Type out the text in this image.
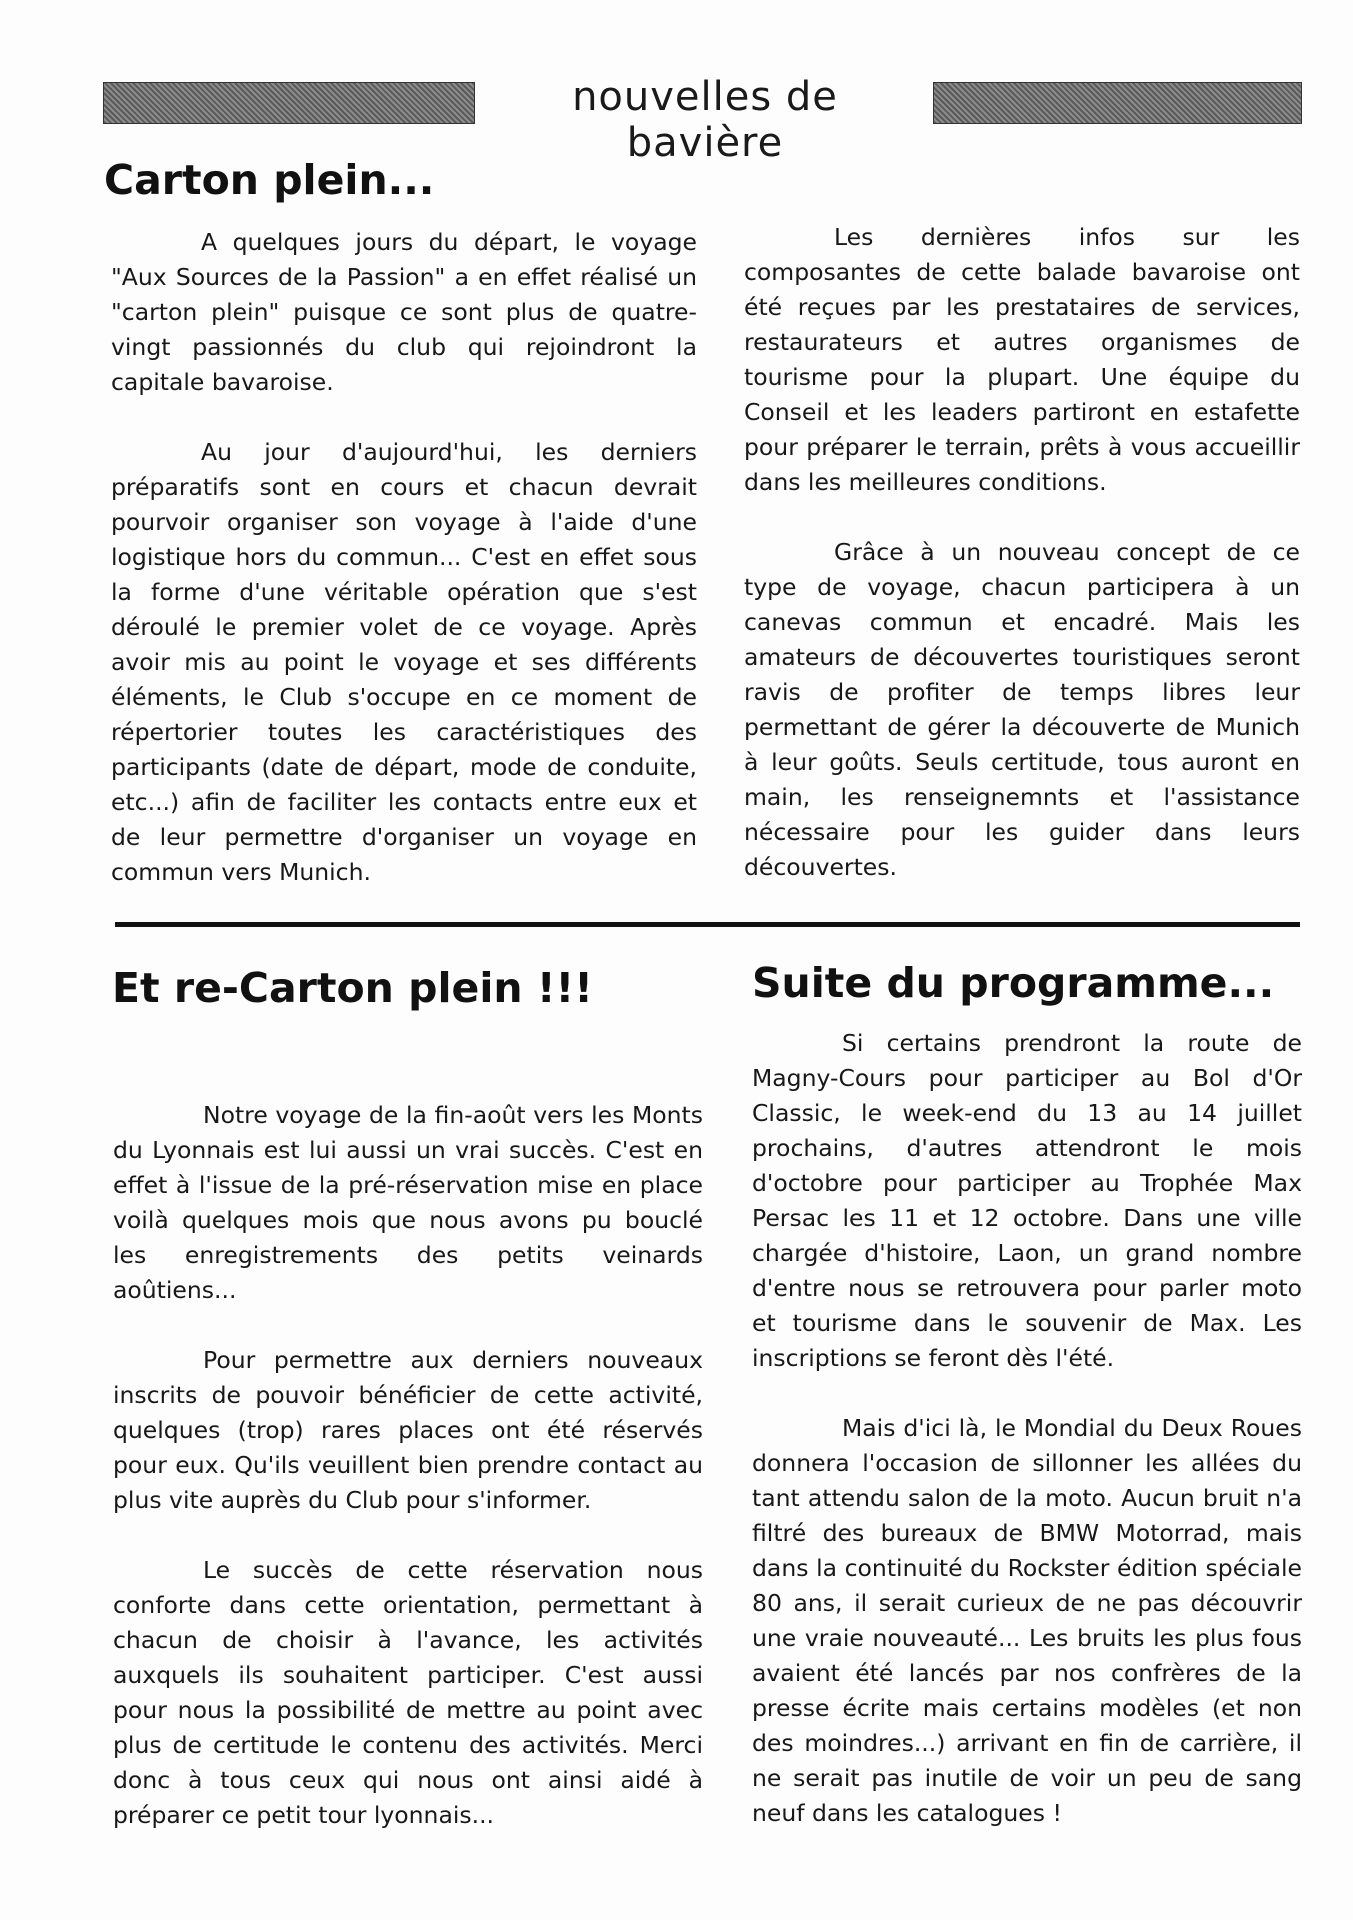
nouvelles de bavière
Carton plein...

A quelques jours du départ, le voyage "Aux Sources de la Passion" a en effet réalisé un "carton plein" puisque ce sont plus de quatre-vingt passionnés du club qui rejoindront la capitale bavaroise.

Au jour d'aujourd'hui, les derniers préparatifs sont en cours et chacun devrait pourvoir organiser son voyage à l'aide d'une logistique hors du commun... C'est en effet sous la forme d'une véritable opération que s'est déroulé le premier volet de ce voyage. Après avoir mis au point le voyage et ses différents éléments, le Club s'occupe en ce moment de répertorier toutes les caractéristiques des participants (date de départ, mode de conduite, etc...) afin de faciliter les contacts entre eux et de leur permettre d'organiser un voyage en commun vers Munich.

Les dernières infos sur les composantes de cette balade bavaroise ont été reçues par les prestataires de services, restaurateurs et autres organismes de tourisme pour la plupart. Une équipe du Conseil et les leaders partiront en estafette pour préparer le terrain, prêts à vous accueillir dans les meilleures conditions.

Grâce à un nouveau concept de ce type de voyage, chacun participera à un canevas commun et encadré. Mais les amateurs de découvertes touristiques seront ravis de profiter de temps libres leur permettant de gérer la découverte de Munich à leur goûts. Seuls certitude, tous auront en main, les renseignemnts et l'assistance nécessaire pour les guider dans leurs découvertes.

Et re-Carton plein !!!

Notre voyage de la fin-août vers les Monts du Lyonnais est lui aussi un vrai succès. C'est en effet à l'issue de la pré-réservation mise en place voilà quelques mois que nous avons pu bouclé les enregistrements des petits veinards aoûtiens...

Pour permettre aux derniers nouveaux inscrits de pouvoir bénéficier de cette activité, quelques (trop) rares places ont été réservés pour eux. Qu'ils veuillent bien prendre contact au plus vite auprès du Club pour s'informer.

Le succès de cette réservation nous conforte dans cette orientation, permettant à chacun de choisir à l'avance, les activités auxquels ils souhaitent participer. C'est aussi pour nous la possibilité de mettre au point avec plus de certitude le contenu des activités. Merci donc à tous ceux qui nous ont ainsi aidé à préparer ce petit tour lyonnais...

Suite du programme...

Si certains prendront la route de Magny-Cours pour participer au Bol d'Or Classic, le week-end du 13 au 14 juillet prochains, d'autres attendront le mois d'octobre pour participer au Trophée Max Persac les 11 et 12 octobre. Dans une ville chargée d'histoire, Laon, un grand nombre d'entre nous se retrouvera pour parler moto et tourisme dans le souvenir de Max. Les inscriptions se feront dès l'été.

Mais d'ici là, le Mondial du Deux Roues donnera l'occasion de sillonner les allées du tant attendu salon de la moto. Aucun bruit n'a filtré des bureaux de BMW Motorrad, mais dans la continuité du Rockster édition spéciale 80 ans, il serait curieux de ne pas découvrir une vraie nouveauté... Les bruits les plus fous avaient été lancés par nos confrères de la presse écrite mais certains modèles (et non des moindres...) arrivant en fin de carrière, il ne serait pas inutile de voir un peu de sang neuf dans les catalogues !
